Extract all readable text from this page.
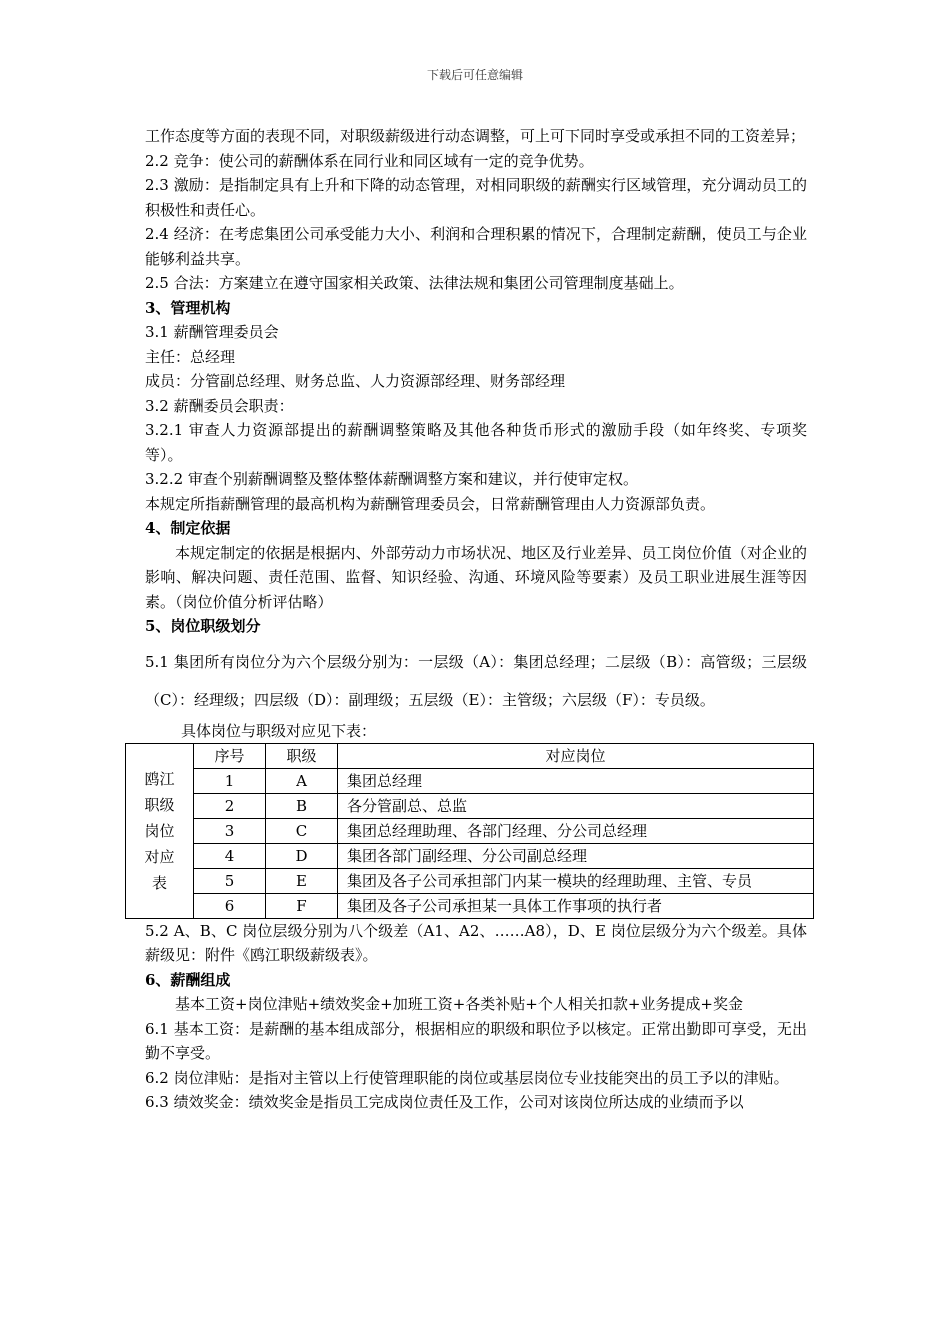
下载后可任意编辑

工作态度等方面的表现不同，对职级薪级进行动态调整，可上可下同时享受或承担不同的工资差异；

2.2 竞争：使公司的薪酬体系在同行业和同区域有一定的竞争优势。

2.3 激励：是指制定具有上升和下降的动态管理，对相同职级的薪酬实行区域管理，充分调动员工的积极性和责任心。

2.4 经济：在考虑集团公司承受能力大小、利润和合理积累的情况下，合理制定薪酬，使员工与企业能够利益共享。

2.5 合法：方案建立在遵守国家相关政策、法律法规和集团公司管理制度基础上。

3、管理机构

3.1 薪酬管理委员会

主任：总经理

成员：分管副总经理、财务总监、人力资源部经理、财务部经理

3.2 薪酬委员会职责：

3.2.1 审查人力资源部提出的薪酬调整策略及其他各种货币形式的激励手段（如年终奖、专项奖等）。

3.2.2 审查个别薪酬调整及整体整体薪酬调整方案和建议，并行使审定权。

本规定所指薪酬管理的最高机构为薪酬管理委员会，日常薪酬管理由人力资源部负责。

4、制定依据

本规定制定的依据是根据内、外部劳动力市场状况、地区及行业差异、员工岗位价值（对企业的影响、解决问题、责任范围、监督、知识经验、沟通、环境风险等要素）及员工职业进展生涯等因素。（岗位价值分析评估略）

5、岗位职级划分

5.1 集团所有岗位分为六个层级分别为：一层级（A）：集团总经理；二层级（B）：高管级；三层级（C）：经理级；四层级（D）：副理级；五层级（E）：主管级；六层级（F）：专员级。

具体岗位与职级对应见下表：

鸥江
职级
岗位
对应
表	序号	职级	对应岗位
	1	A	集团总经理
	2	B	各分管副总、总监
	3	C	集团总经理助理、各部门经理、分公司总经理
	4	D	集团各部门副经理、分公司副总经理
	5	E	集团及各子公司承担部门内某一模块的经理助理、主管、专员
	6	F	集团及各子公司承担某一具体工作事项的执行者

5.2 A、B、C 岗位层级分别为八个级差（A1、A2、……A8），D、E 岗位层级分为六个级差。具体薪级见：附件《鸥江职级薪级表》。

6、薪酬组成

基本工资+岗位津贴+绩效奖金+加班工资+各类补贴+个人相关扣款+业务提成+奖金

6.1 基本工资：是薪酬的基本组成部分，根据相应的职级和职位予以核定。正常出勤即可享受，无出勤不享受。

6.2 岗位津贴：是指对主管以上行使管理职能的岗位或基层岗位专业技能突出的员工予以的津贴。

6.3 绩效奖金：绩效奖金是指员工完成岗位责任及工作，公司对该岗位所达成的业绩而予以
